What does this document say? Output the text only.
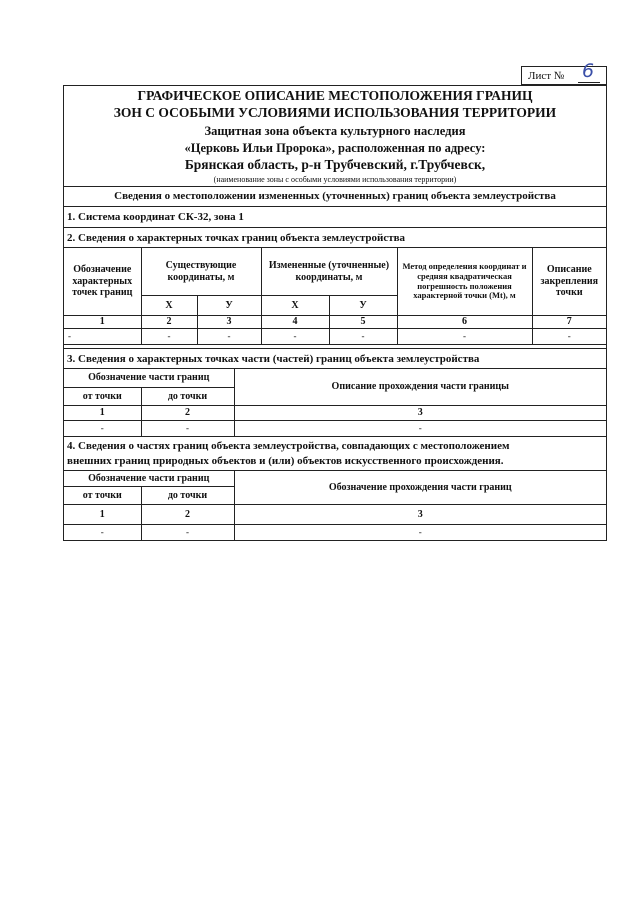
Лист № 6
ГРАФИЧЕСКОЕ ОПИСАНИЕ МЕСТОПОЛОЖЕНИЯ ГРАНИЦ
ЗОН С ОСОБЫМИ УСЛОВИЯМИ ИСПОЛЬЗОВАНИЯ ТЕРРИТОРИИ
Защитная зона объекта культурного наследия
«Церковь Ильи Пророка», расположенная по адресу:
Брянская область, р-н Трубчевский, г.Трубчевск,
(наименование зоны с особыми условиями использования территории)
Сведения о местоположении измененных (уточненных) границ объекта землеустройства
1. Система координат СК-32, зона 1
2. Сведения о характерных точках границ объекта землеустройства
Обозначение характерных точек границ	Существующие координаты, м		Измененные (уточненные) координаты, м		Метод определения координат и средняя квадратическая погрешность положения характерной точки (Mt), м	Описание закрепления точки
	Х	У	Х	У		
1	2	3	4	5	6	7
-	-	-	-	-	-	-
3. Сведения о характерных точках части (частей) границ объекта землеустройства
Обозначение части границ		Описание прохождения части границы
от точки	до точки	
1	2	3
-	-	-
4. Сведения о частях границ объекта землеустройства, совпадающих с местоположением
внешних границ природных объектов и (или) объектов искусственного происхождения.
Обозначение части границ		Обозначение прохождения части границ
от точки	до точки	
1	2	3
-	-	-
